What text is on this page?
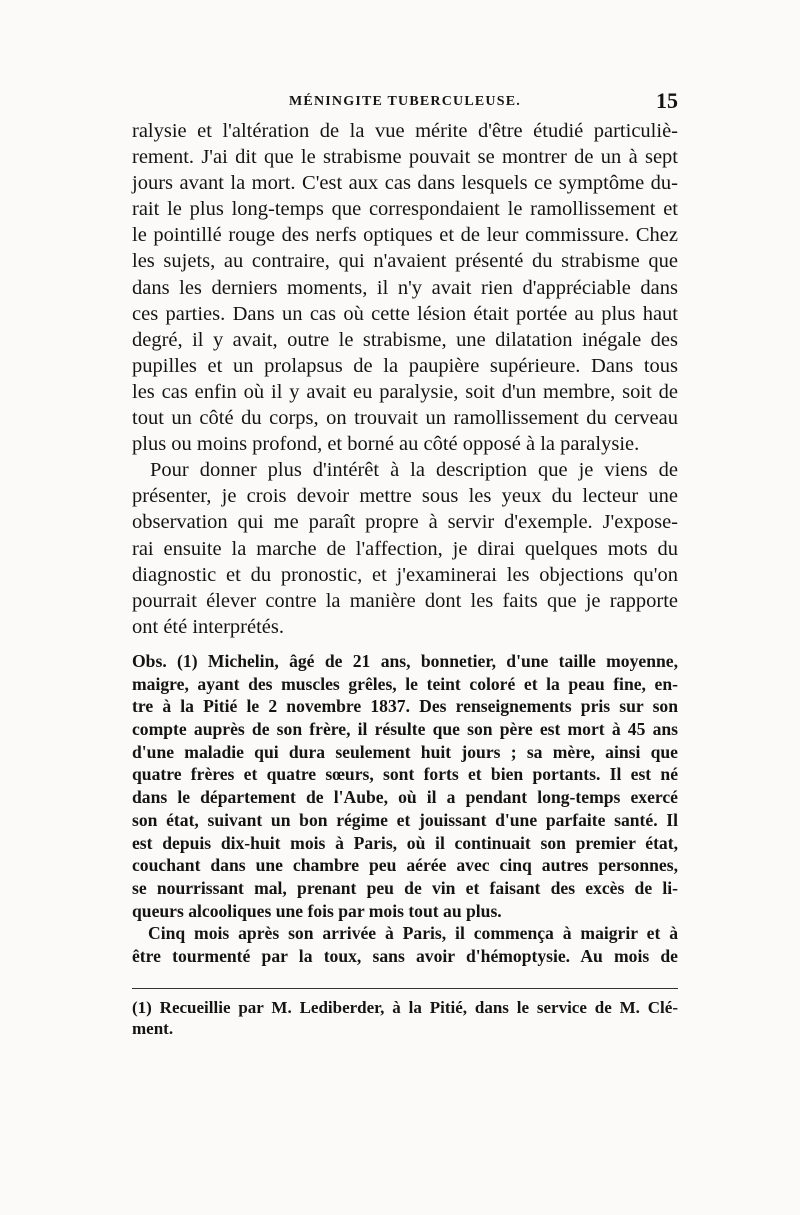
MÉNINGITE TUBERCULEUSE.	15

ralysie et l'altération de la vue mérite d'être étudié particuliè-

rement. J'ai dit que le strabisme pouvait se montrer de un à sept

jours avant la mort. C'est aux cas dans lesquels ce symptôme du-

rait le plus long-temps que correspondaient le ramollissement et

le pointillé rouge des nerfs optiques et de leur commissure. Chez

les sujets, au contraire, qui n'avaient présenté du strabisme que

dans les derniers moments, il n'y avait rien d'appréciable dans

ces parties. Dans un cas où cette lésion était portée au plus haut

degré, il y avait, outre le strabisme, une dilatation inégale des

pupilles et un prolapsus de la paupière supérieure. Dans tous

les cas enfin où il y avait eu paralysie, soit d'un membre, soit de

tout un côté du corps, on trouvait un ramollissement du cerveau

plus ou moins profond, et borné au côté opposé à la paralysie.

Pour donner plus d'intérêt à la description que je viens de

présenter, je crois devoir mettre sous les yeux du lecteur une

observation qui me paraît propre à servir d'exemple. J'expose-

rai ensuite la marche de l'affection, je dirai quelques mots du

diagnostic et du pronostic, et j'examinerai les objections qu'on

pourrait élever contre la manière dont les faits que je rapporte

ont été interprétés.

Obs. (1) Michelin, âgé de 21 ans, bonnetier, d'une taille moyenne,

maigre, ayant des muscles grêles, le teint coloré et la peau fine, en-

tre à la Pitié le 2 novembre 1837. Des renseignements pris sur son

compte auprès de son frère, il résulte que son père est mort à 45 ans

d'une maladie qui dura seulement huit jours ; sa mère, ainsi que

quatre frères et quatre sœurs, sont forts et bien portants. Il est né

dans le département de l'Aube, où il a pendant long-temps exercé

son état, suivant un bon régime et jouissant d'une parfaite santé. Il

est depuis dix-huit mois à Paris, où il continuait son premier état,

couchant dans une chambre peu aérée avec cinq autres personnes,

se nourrissant mal, prenant peu de vin et faisant des excès de li-

queurs alcooliques une fois par mois tout au plus.

Cinq mois après son arrivée à Paris, il commença à maigrir et à

être tourmenté par la toux, sans avoir d'hémoptysie. Au mois de

(1) Recueillie par M. Lediberder, à la Pitié, dans le service de M. Clé-

ment.
